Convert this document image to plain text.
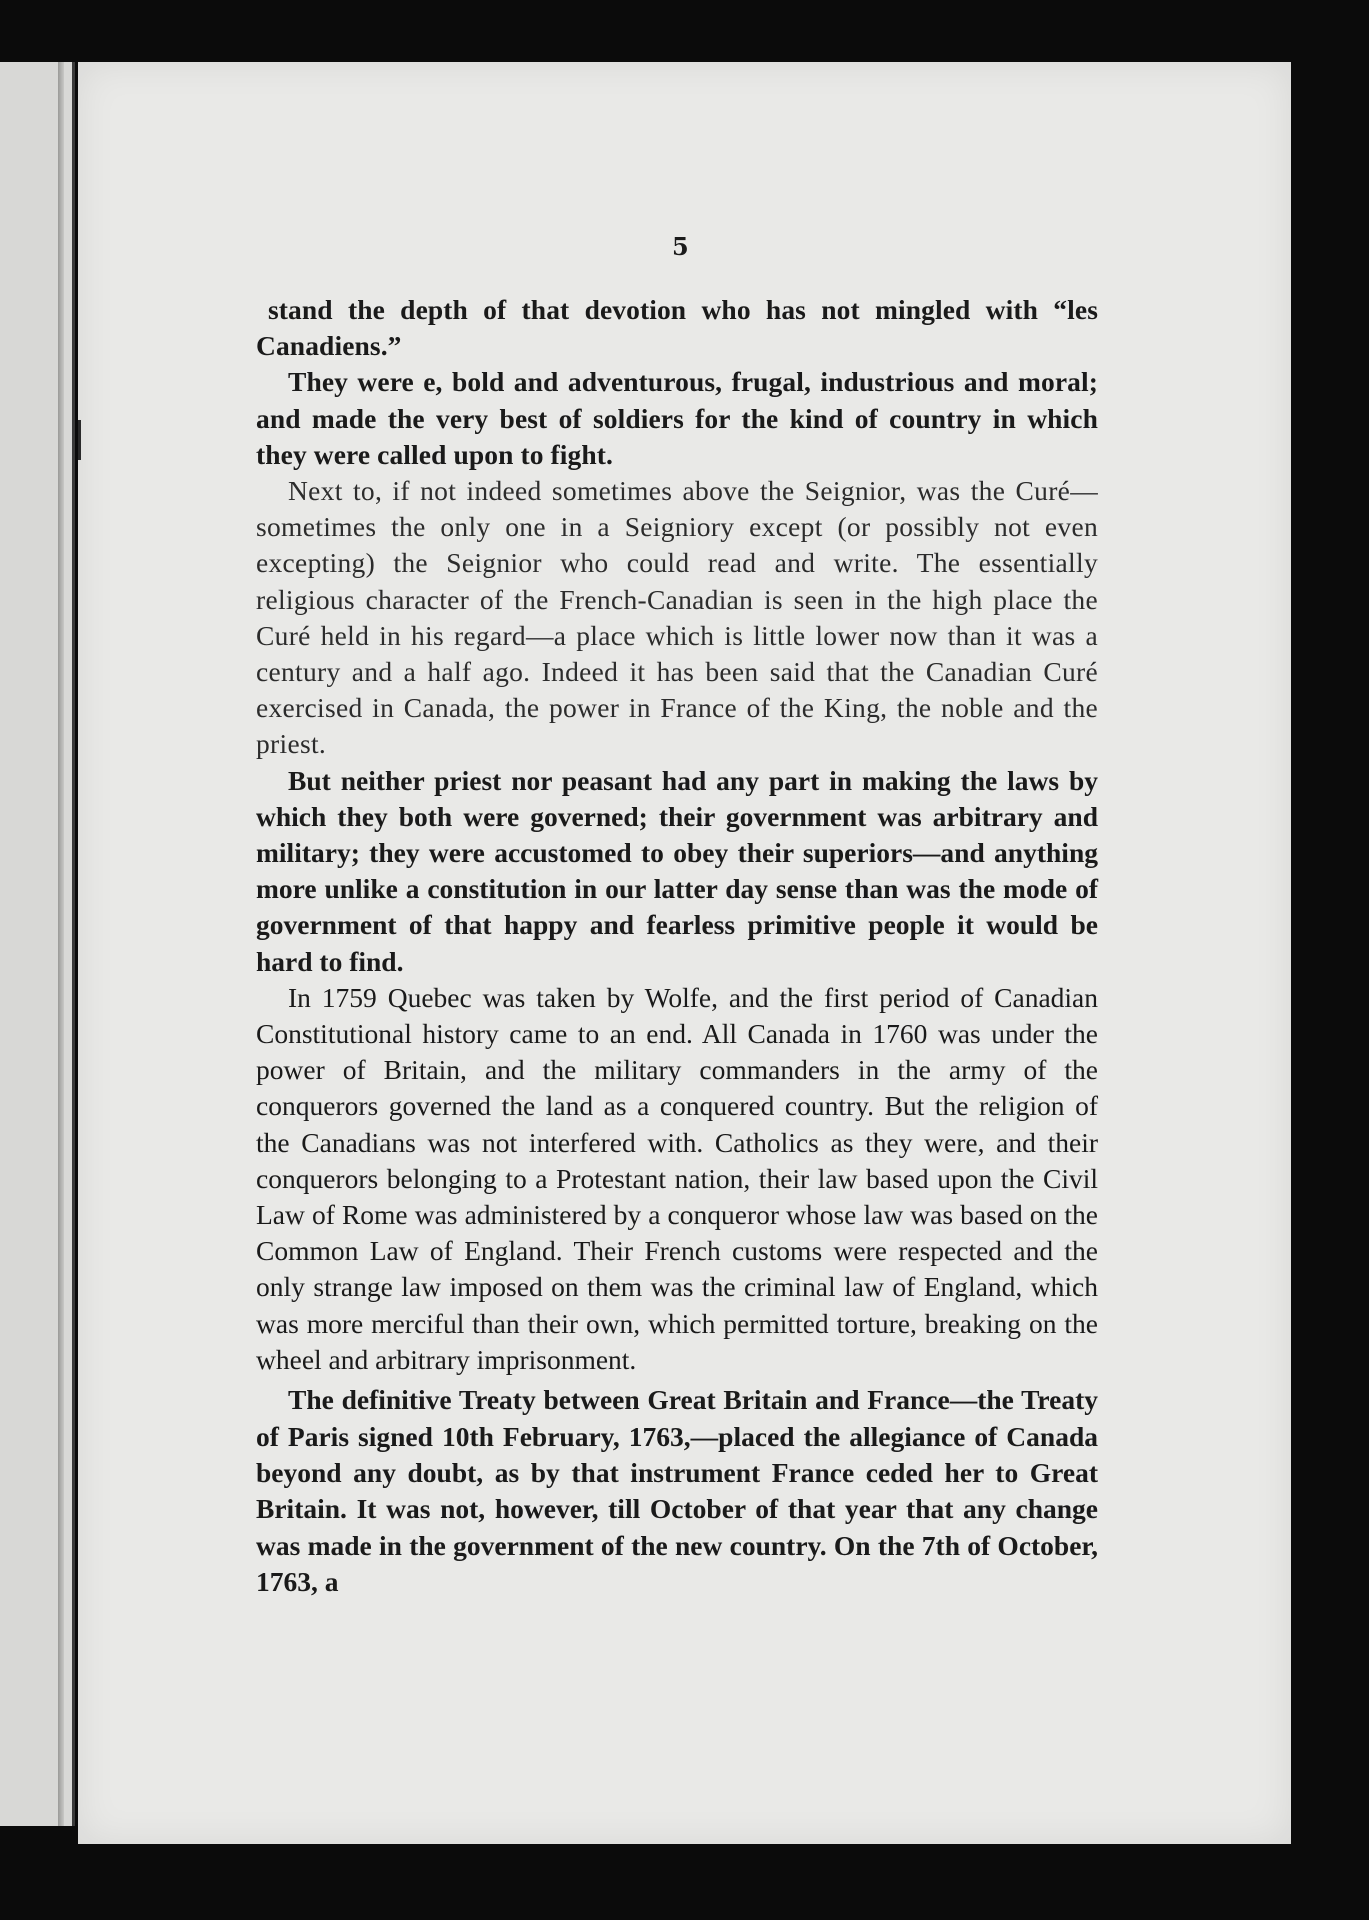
5

stand the depth of that devotion who has not mingled with “les Canadiens.”

They were e, bold and adventurous, frugal, industrious and moral; and made the very best of soldiers for the kind of country in which they were called upon to fight.

Next to, if not indeed sometimes above the Seignior, was the Curé—sometimes the only one in a Seigniory except (or possibly not even excepting) the Seignior who could read and write. The essentially religious character of the French-Canadian is seen in the high place the Curé held in his regard—a place which is little lower now than it was a century and a half ago. Indeed it has been said that the Canadian Curé exercised in Canada, the power in France of the King, the noble and the priest.

But neither priest nor peasant had any part in making the laws by which they both were governed; their government was arbitrary and military; they were accustomed to obey their superiors—and anything more unlike a constitution in our latter day sense than was the mode of government of that happy and fearless primitive people it would be hard to find.

In 1759 Quebec was taken by Wolfe, and the first period of Canadian Constitutional history came to an end. All Canada in 1760 was under the power of Britain, and the military commanders in the army of the conquerors governed the land as a conquered country. But the religion of the Canadians was not interfered with. Catholics as they were, and their conquerors belonging to a Protestant nation, their law based upon the Civil Law of Rome was administered by a conqueror whose law was based on the Common Law of England. Their French customs were respected and the only strange law imposed on them was the criminal law of England, which was more merciful than their own, which permitted torture, breaking on the wheel and arbitrary imprisonment.

The definitive Treaty between Great Britain and France—the Treaty of Paris signed 10th February, 1763,—placed the allegiance of Canada beyond any doubt, as by that instrument France ceded her to Great Britain. It was not, however, till October of that year that any change was made in the government of the new country. On the 7th of October, 1763, a
